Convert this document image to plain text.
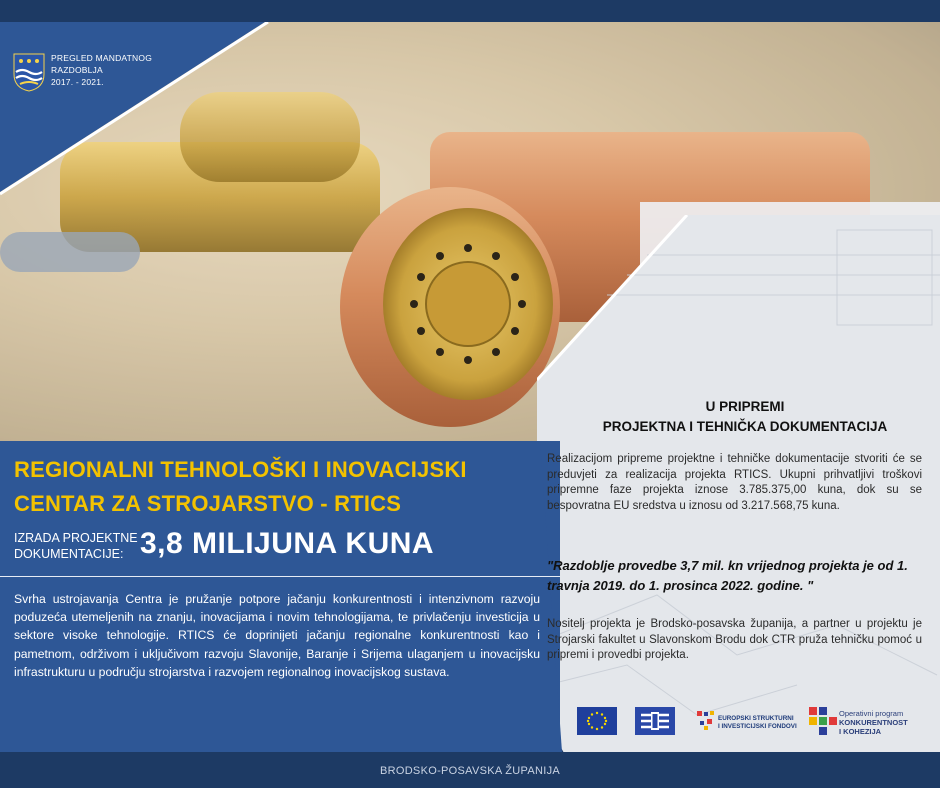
PREGLED MANDATNOG
RAZDOBLJA
2017. - 2021.
REGIONALNI TEHNOLOŠKI I INOVACIJSKI
CENTAR ZA STROJARSTVO - RTICS
IZRADA PROJEKTNE
DOKUMENTACIJE: 3,8 MILIJUNA KUNA
Svrha ustrojavanja Centra je pružanje potpore jačanju konkurentnosti i intenzivnom razvoju poduzeća utemeljenih na znanju, inovacijama i novim tehnologijama, te privlačenju investicija u sektore visoke tehnologije. RTICS će doprinijeti jačanju regionalne konkurentnosti kao i pametnom, održivom i uključivom razvoju Slavonije, Baranje i Srijema ulaganjem u inovacijsku infrastrukturu u području strojarstva i razvojem regionalnog inovacijskog sustava.
U PRIPREMI
PROJEKTNA I TEHNIČKA DOKUMENTACIJA
Realizacijom pripreme projektne i tehničke dokumentacije stvoriti će se preduvjeti za realizacija projekta RTICS. Ukupni prihvatljivi troškovi pripremne faze projekta iznose 3.785.375,00 kuna, dok su se bespovratna EU sredstva u iznosu od 3.217.568,75 kuna.
"Razdoblje provedbe 3,7 mil. kn vrijednog projekta je od 1. travnja 2019. do 1. prosinca 2022. godine. "
Nositelj projekta je Brodsko-posavska županija, a partner u projektu je Strojarski fakultet u Slavonskom Brodu dok CTR pruža tehničku pomoć u pripremi i provedbi projekta.
EUROPSKI STRUKTURNI
I INVESTICIJSKI FONDOVI
Operativni program
KONKURENTNOST
I KOHEZIJA
BRODSKO-POSAVSKA ŽUPANIJA
